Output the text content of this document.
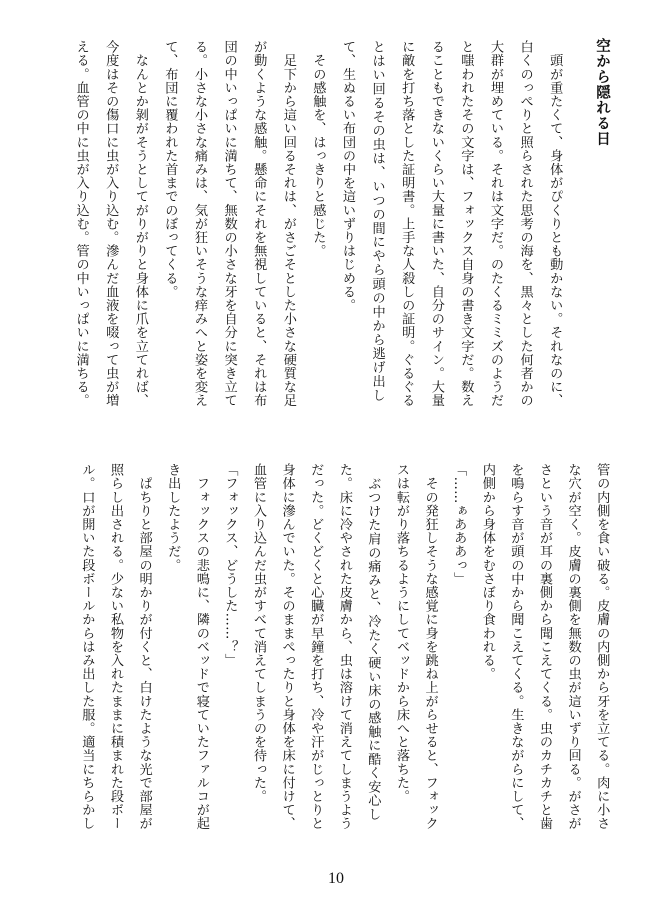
空から隠れる日
　頭が重たくて、身体がぴくりとも動かない。それなのに、
白くのっぺりと照らされた思考の海を、黒々とした何者かの
大群が埋めている。それは文字だ。のたくるミミズのようだ
と嗤われたその文字は、フォックス自身の書き文字だ。数え
ることもできないくらい大量に書いた、自分のサイン。大量
に敵を打ち落とした証明書。上手な人殺しの証明。ぐるぐる
とはい回るその虫は、いつの間にやら頭の中から逃げ出し
て、生ぬるい布団の中を這いずりはじめる。
　その感触を、はっきりと感じた。
　足下から這い回るそれは、がさごそとした小さな硬質な足
が動くような感触。懸命にそれを無視していると、それは布
団の中いっぱいに満ちて、無数の小さな牙を自分に突き立て
る。小さな小さな痛みは、気が狂いそうな痒みへと姿を変え
て、布団に覆われた首までのぼってくる。
　なんとか剝がそうとしてがりがりと身体に爪を立てれば、
今度はその傷口に虫が入り込む。滲んだ血液を啜って虫が増
える。血管の中に虫が入り込む。管の中いっぱいに満ちる。
管の内側を食い破る。皮膚の内側から牙を立てる。肉に小さ
な穴が空く。皮膚の裏側を無数の虫が這いずり回る。がさが
さという音が耳の裏側から聞こえてくる。虫のカチカチと歯
を鳴らす音が頭の中から聞こえてくる。生きながらにして、
内側から身体をむさぼり食われる。
「……ぁあああっ」
　その発狂しそうな感覚に身を跳ね上がらせると、フォック
スは転がり落ちるようにしてベッドから床へと落ちた。
　ぶつけた肩の痛みと、冷たく硬い床の感触に酷く安心し
た。床に冷やされた皮膚から、虫は溶けて消えてしまうよう
だった。どくどくと心臓が早鐘を打ち、冷や汗がじっとりと
身体に滲んでいた。そのままぺったりと身体を床に付けて、
血管に入り込んだ虫がすべて消えてしまうのを待った。
「フォックス、どうした……？」
　フォックスの悲鳴に、隣のベッドで寝ていたファルコが起
き出したようだ。
　ぱちりと部屋の明かりが付くと、白けたような光で部屋が
照らし出される。少ない私物を入れたままに積まれた段ボー
ル。口が開いた段ボールからはみ出した服。適当にちらかし
10
